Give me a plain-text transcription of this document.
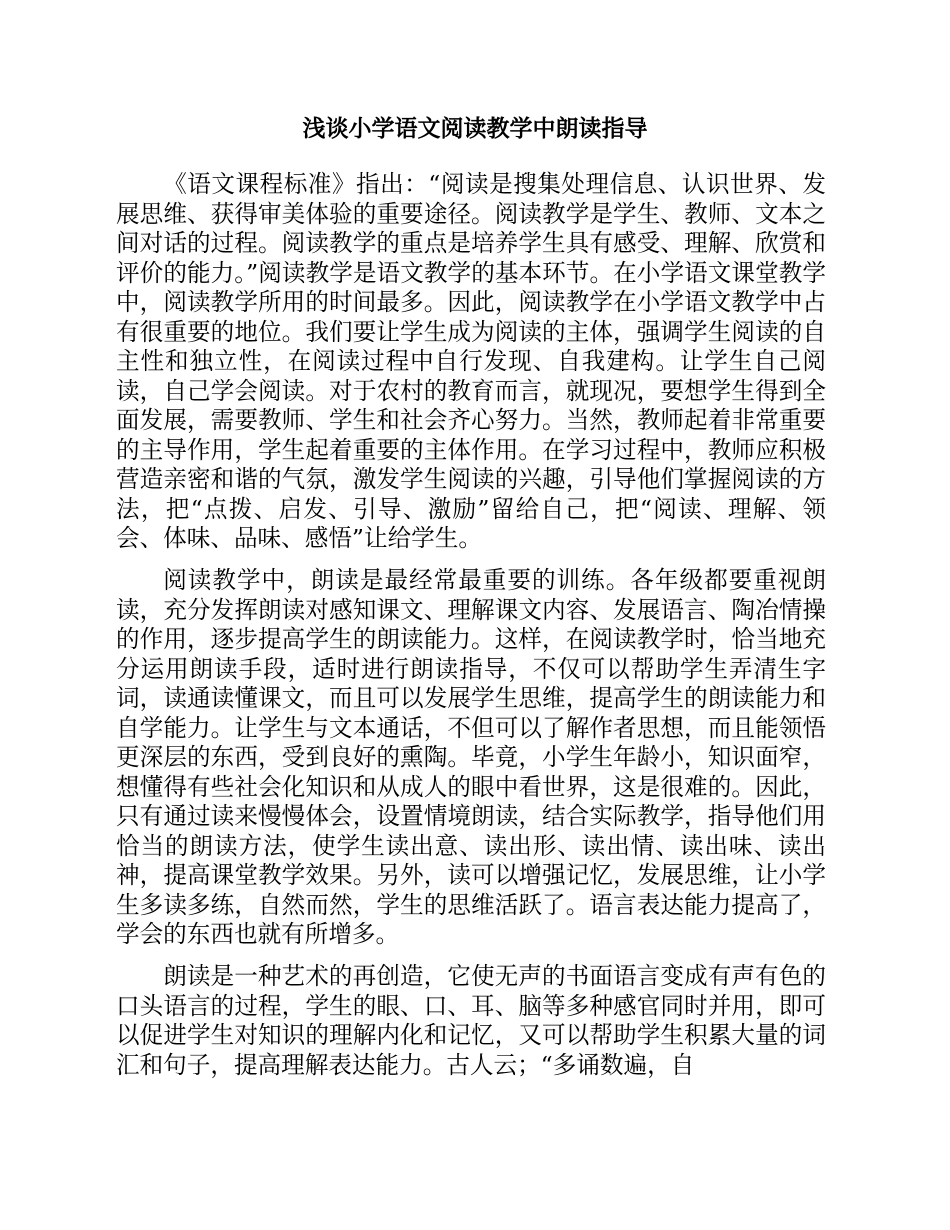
浅谈小学语文阅读教学中朗读指导

《语文课程标准》指出：“阅读是搜集处理信息、认识世界、发展思维、获得审美体验的重要途径。阅读教学是学生、教师、文本之间对话的过程。阅读教学的重点是培养学生具有感受、理解、欣赏和评价的能力。”阅读教学是语文教学的基本环节。在小学语文课堂教学中，阅读教学所用的时间最多。因此，阅读教学在小学语文教学中占有很重要的地位。我们要让学生成为阅读的主体，强调学生阅读的自主性和独立性，在阅读过程中自行发现、自我建构。让学生自己阅读，自己学会阅读。对于农村的教育而言，就现况，要想学生得到全面发展，需要教师、学生和社会齐心努力。当然，教师起着非常重要的主导作用，学生起着重要的主体作用。在学习过程中，教师应积极营造亲密和谐的气氛，激发学生阅读的兴趣，引导他们掌握阅读的方法，把“点拨、启发、引导、激励”留给自己，把“阅读、理解、领会、体味、品味、感悟”让给学生。

阅读教学中，朗读是最经常最重要的训练。各年级都要重视朗读，充分发挥朗读对感知课文、理解课文内容、发展语言、陶冶情操的作用，逐步提高学生的朗读能力。这样，在阅读教学时，恰当地充分运用朗读手段，适时进行朗读指导，不仅可以帮助学生弄清生字词，读通读懂课文，而且可以发展学生思维，提高学生的朗读能力和自学能力。让学生与文本通话，不但可以了解作者思想，而且能领悟更深层的东西，受到良好的熏陶。毕竟，小学生年龄小，知识面窄，想懂得有些社会化知识和从成人的眼中看世界，这是很难的。因此，只有通过读来慢慢体会，设置情境朗读，结合实际教学，指导他们用恰当的朗读方法，使学生读出意、读出形、读出情、读出味、读出神，提高课堂教学效果。另外，读可以增强记忆，发展思维，让小学生多读多练，自然而然，学生的思维活跃了。语言表达能力提高了，学会的东西也就有所增多。

朗读是一种艺术的再创造，它使无声的书面语言变成有声有色的口头语言的过程，学生的眼、口、耳、脑等多种感官同时并用，即可以促进学生对知识的理解内化和记忆，又可以帮助学生积累大量的词汇和句子，提高理解表达能力。古人云；“多诵数遍，自
